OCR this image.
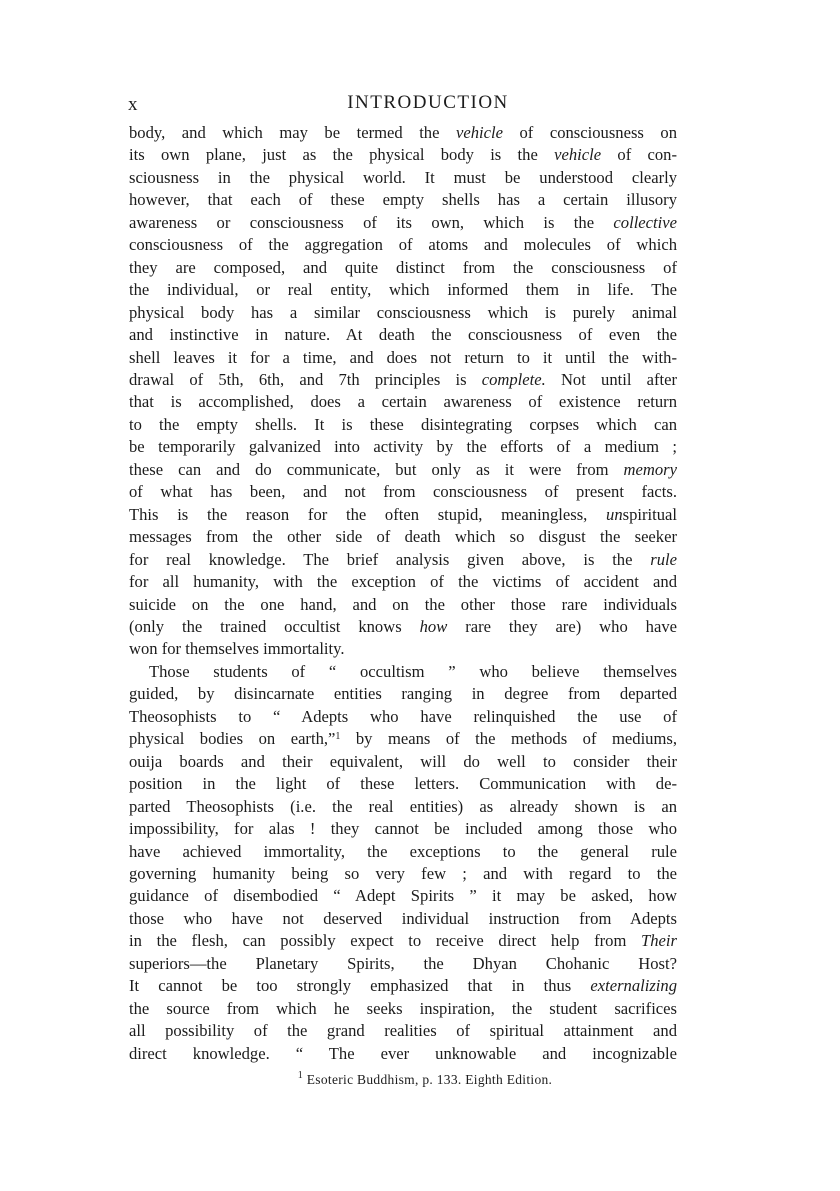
x	INTRODUCTION
body, and which may be termed the vehicle of consciousness on
its own plane, just as the physical body is the vehicle of con-
sciousness in the physical world. It must be understood clearly
however, that each of these empty shells has a certain illusory
awareness or consciousness of its own, which is the collective
consciousness of the aggregation of atoms and molecules of which
they are composed, and quite distinct from the consciousness of
the individual, or real entity, which informed them in life. The
physical body has a similar consciousness which is purely animal
and instinctive in nature. At death the consciousness of even the
shell leaves it for a time, and does not return to it until the with-
drawal of 5th, 6th, and 7th principles is complete. Not until after
that is accomplished, does a certain awareness of existence return
to the empty shells. It is these disintegrating corpses which can
be temporarily galvanized into activity by the efforts of a medium ;
these can and do communicate, but only as it were from memory
of what has been, and not from consciousness of present facts.
This is the reason for the often stupid, meaningless, unspiritual
messages from the other side of death which so disgust the seeker
for real knowledge. The brief analysis given above, is the rule
for all humanity, with the exception of the victims of accident and
suicide on the one hand, and on the other those rare individuals
(only the trained occultist knows how rare they are) who have
won for themselves immortality.
Those students of “ occultism ” who believe themselves
guided, by disincarnate entities ranging in degree from departed
Theosophists to “ Adepts who have relinquished the use of
physical bodies on earth,”$^1$ by means of the methods of mediums,
ouija boards and their equivalent, will do well to consider their
position in the light of these letters. Communication with de-
parted Theosophists (i.e. the real entities) as already shown is an
impossibility, for alas ! they cannot be included among those who
have achieved immortality, the exceptions to the general rule
governing humanity being so very few ; and with regard to the
guidance of disembodied “ Adept Spirits ” it may be asked, how
those who have not deserved individual instruction from Adepts
in the flesh, can possibly expect to receive direct help from Their
superiors—the Planetary Spirits, the Dhyan Chohanic Host?
It cannot be too strongly emphasized that in thus externalizing
the source from which he seeks inspiration, the student sacrifices
all possibility of the grand realities of spiritual attainment and
direct knowledge. “ The ever unknowable and incognizable
$^1$ Esoteric Buddhism, p. 133. Eighth Edition.
